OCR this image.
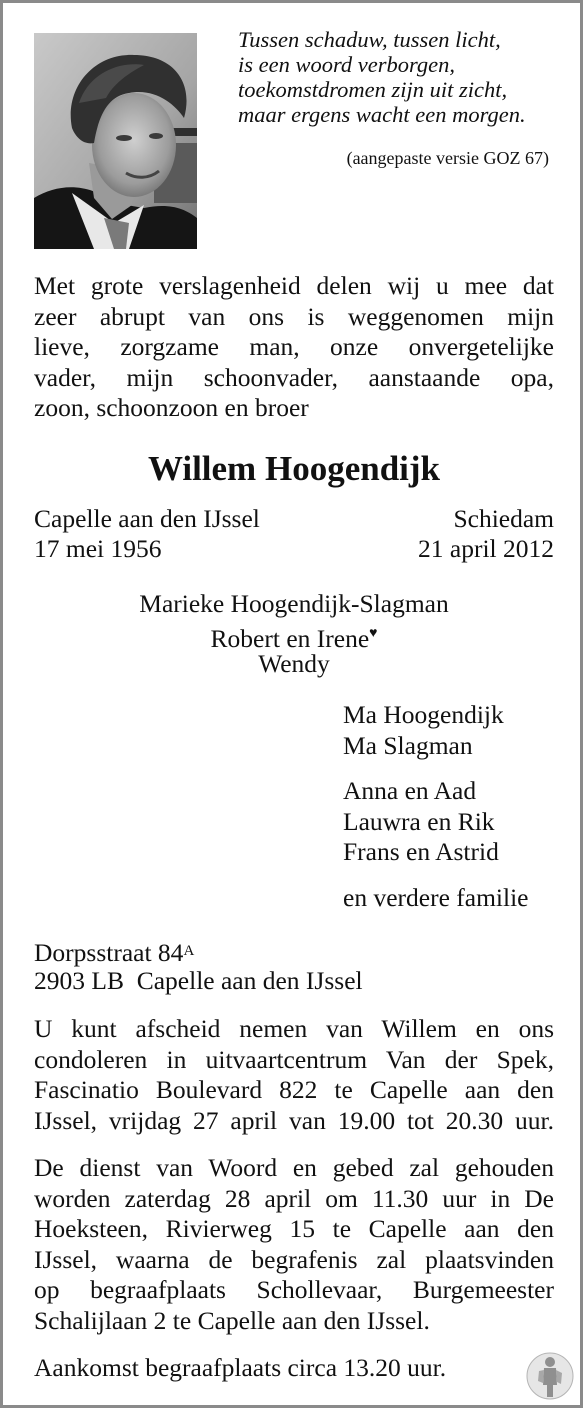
Tussen schaduw, tussen licht,
is een woord verborgen,
toekomstdromen zijn uit zicht,
maar ergens wacht een morgen.
(aangepaste versie GOZ 67)
Met grote verslagenheid delen wij u mee dat
zeer abrupt van ons is weggenomen mijn
lieve, zorgzame man, onze onvergetelijke
vader, mijn schoonvader, aanstaande opa,
zoon, schoonzoon en broer
Willem Hoogendijk
Capelle aan den IJssel	Schiedam
17 mei 1956	21 april 2012
Marieke Hoogendijk-Slagman
Robert en Irene♥
Wendy
Ma Hoogendijk
Ma Slagman
Anna en Aad
Lauwra en Rik
Frans en Astrid
en verdere familie
Dorpsstraat $84^A$
2903 LB Capelle aan den IJssel
U kunt afscheid nemen van Willem en ons
condoleren in uitvaartcentrum Van der Spek,
Fascinatio Boulevard 822 te Capelle aan den
IJssel, vrijdag 27 april van 19.00 tot 20.30 uur.
De dienst van Woord en gebed zal gehouden
worden zaterdag 28 april om 11.30 uur in De
Hoeksteen, Rivierweg 15 te Capelle aan den
IJssel, waarna de begrafenis zal plaatsvinden
op begraafplaats Schollevaar, Burgemeester
Schalijlaan 2 te Capelle aan den IJssel.
Aankomst begraafplaats circa 13.20 uur.
